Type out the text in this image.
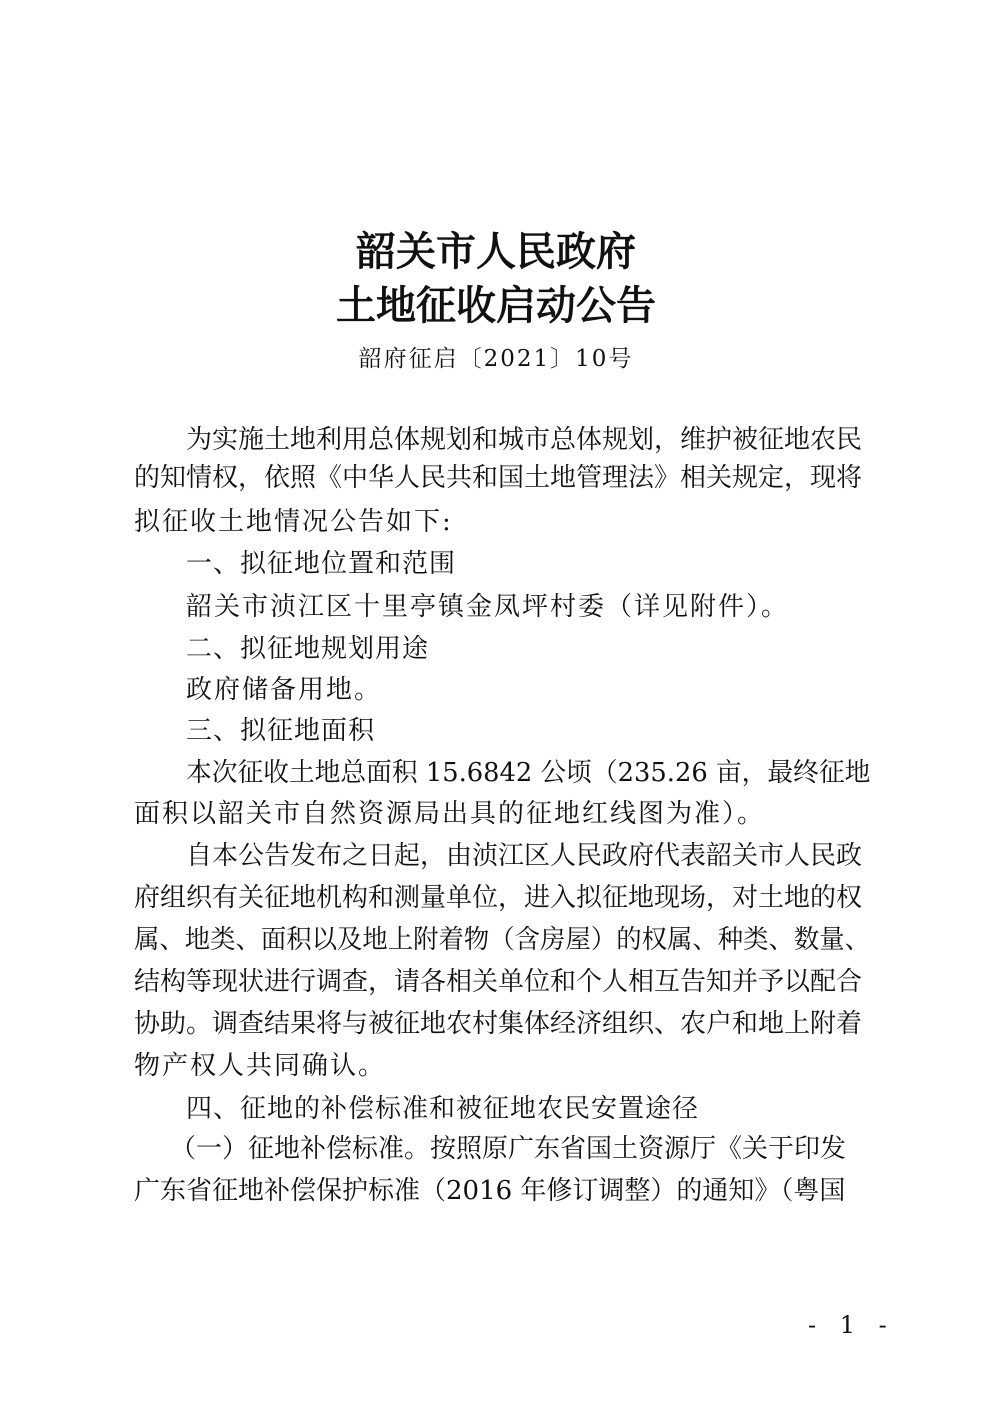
韶关市人民政府
土地征收启动公告
韶府征启〔2021〕10号
为实施土地利用总体规划和城市总体规划，维护被征地农民
的知情权，依照《中华人民共和国土地管理法》相关规定，现将
拟征收土地情况公告如下:
一、拟征地位置和范围
韶关市浈江区十里亭镇金凤坪村委（详见附件）。
二、拟征地规划用途
政府储备用地。
三、拟征地面积
本次征收土地总面积 15.6842 公顷（235.26 亩，最终征地
面积以韶关市自然资源局出具的征地红线图为准）。
自本公告发布之日起，由浈江区人民政府代表韶关市人民政
府组织有关征地机构和测量单位，进入拟征地现场，对土地的权
属、地类、面积以及地上附着物（含房屋）的权属、种类、数量、
结构等现状进行调查，请各相关单位和个人相互告知并予以配合
协助。调查结果将与被征地农村集体经济组织、农户和地上附着
物产权人共同确认。
四、征地的补偿标准和被征地农民安置途径
（一）征地补偿标准。按照原广东省国土资源厅《关于印发
广东省征地补偿保护标准（2016 年修订调整）的通知》（粤国
- 1 -
